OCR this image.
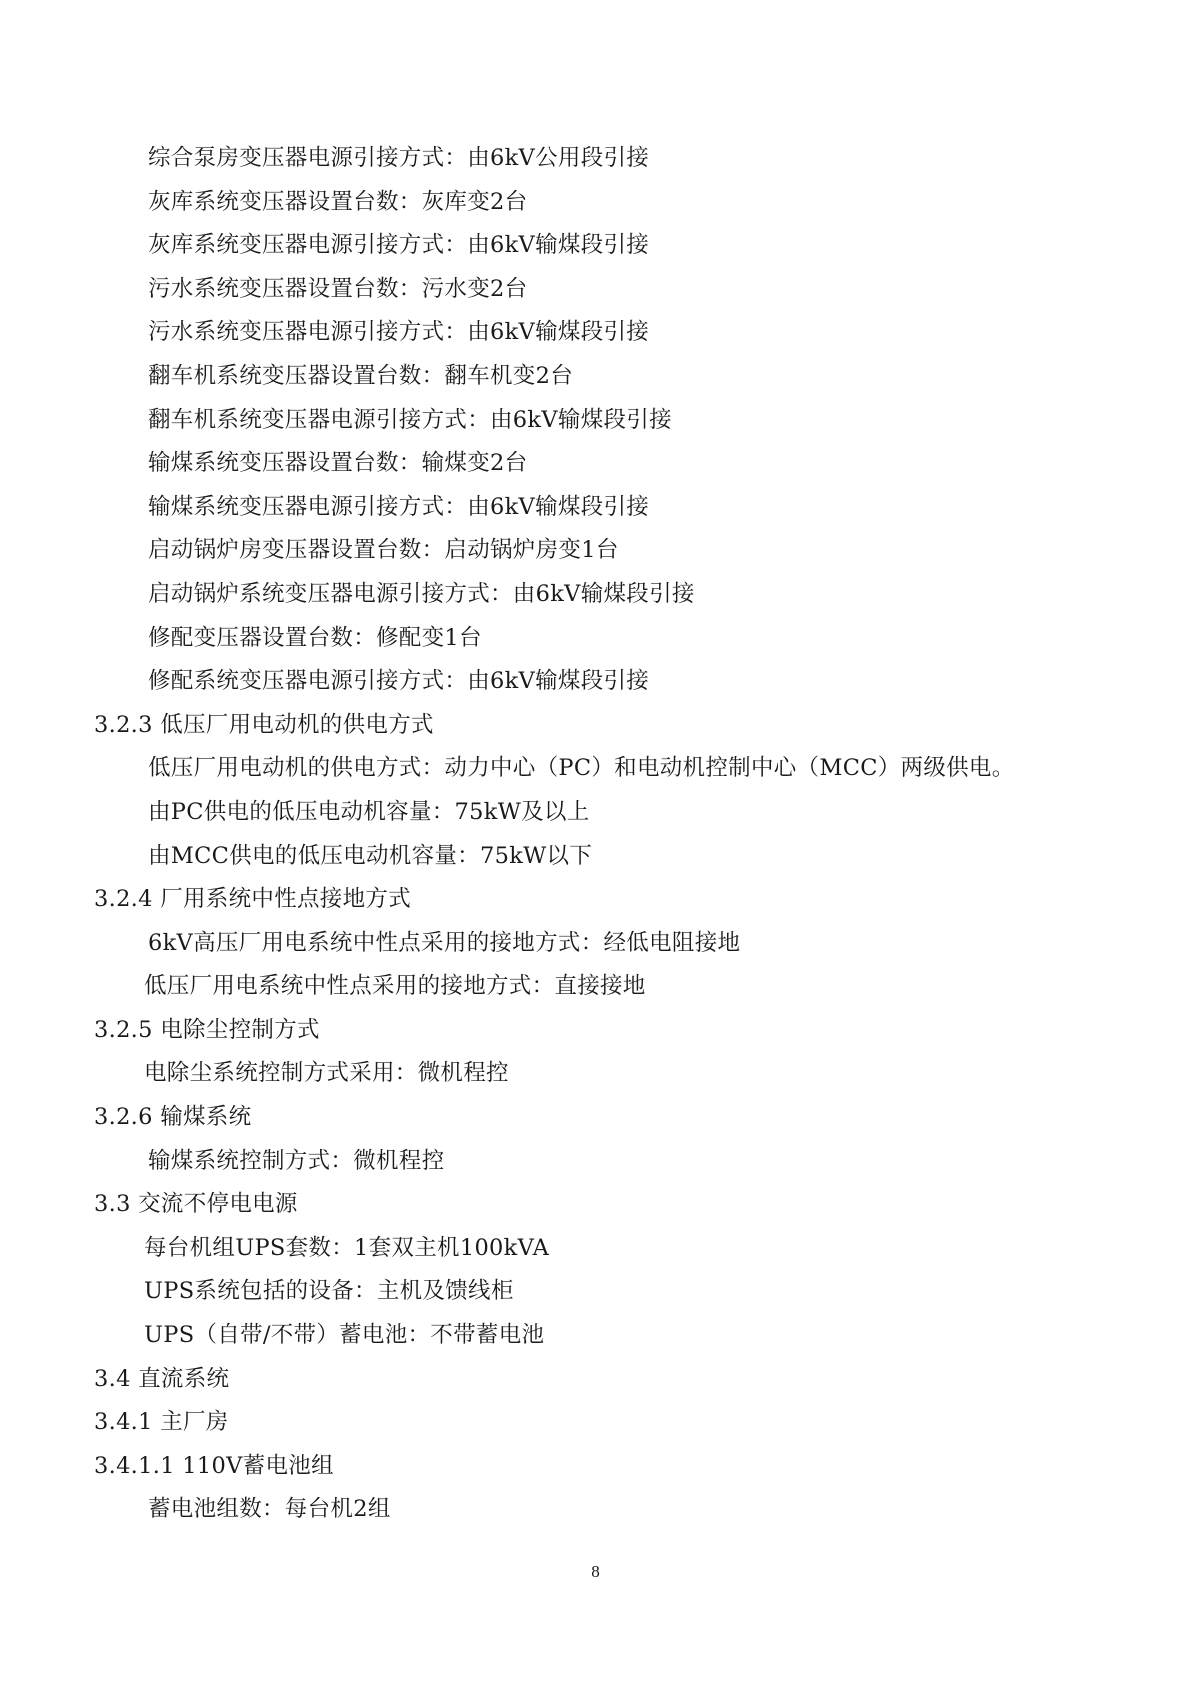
综合泵房变压器电源引接方式：由6kV公用段引接
灰库系统变压器设置台数：灰库变2台
灰库系统变压器电源引接方式：由6kV输煤段引接
污水系统变压器设置台数：污水变2台
污水系统变压器电源引接方式：由6kV输煤段引接
翻车机系统变压器设置台数：翻车机变2台
翻车机系统变压器电源引接方式：由6kV输煤段引接
输煤系统变压器设置台数：输煤变2台
输煤系统变压器电源引接方式：由6kV输煤段引接
启动锅炉房变压器设置台数：启动锅炉房变1台
启动锅炉系统变压器电源引接方式：由6kV输煤段引接
修配变压器设置台数：修配变1台
修配系统变压器电源引接方式：由6kV输煤段引接
3.2.3 低压厂用电动机的供电方式
低压厂用电动机的供电方式：动力中心（PC）和电动机控制中心（MCC）两级供电。
由PC供电的低压电动机容量：75kW及以上
由MCC供电的低压电动机容量：75kW以下
3.2.4 厂用系统中性点接地方式
6kV高压厂用电系统中性点采用的接地方式：经低电阻接地
低压厂用电系统中性点采用的接地方式：直接接地
3.2.5 电除尘控制方式
电除尘系统控制方式采用：微机程控
3.2.6 输煤系统
输煤系统控制方式：微机程控
3.3 交流不停电电源
每台机组UPS套数：1套双主机100kVA
UPS系统包括的设备：主机及馈线柜
UPS（自带/不带）蓄电池：不带蓄电池
3.4 直流系统
3.4.1 主厂房
3.4.1.1 110V蓄电池组
蓄电池组数：每台机2组
8
